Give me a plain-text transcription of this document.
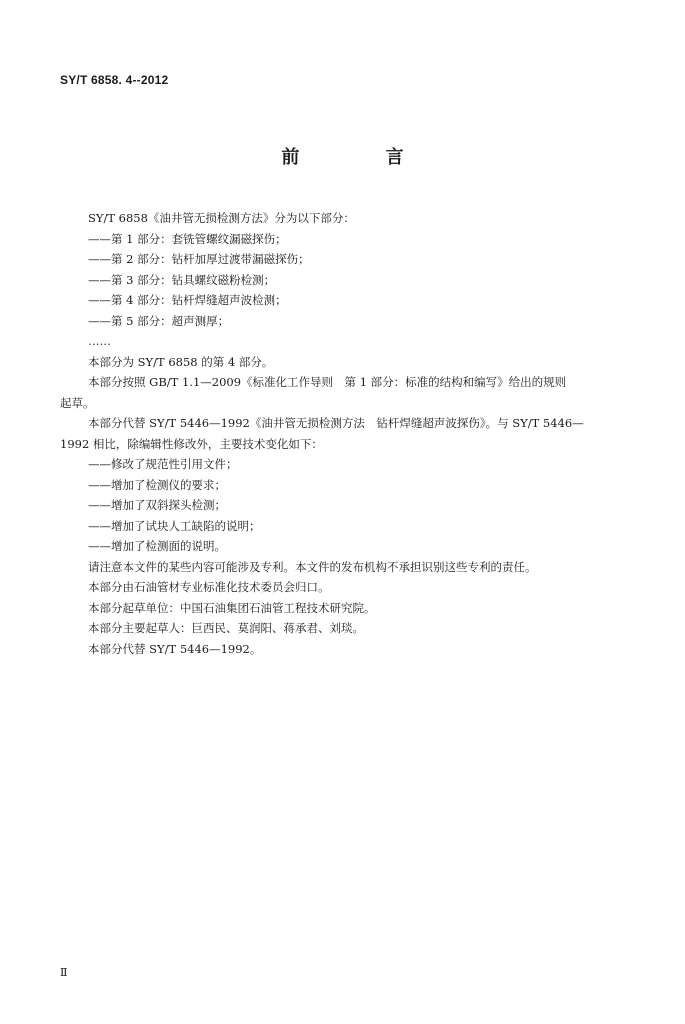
SY/T 6858. 4--2012
前 言
SY/T 6858《油井管无损检测方法》分为以下部分：
——第 1 部分：套铣管螺纹漏磁探伤；
——第 2 部分：钻杆加厚过渡带漏磁探伤；
——第 3 部分：钻具螺纹磁粉检测；
——第 4 部分：钻杆焊缝超声波检测；
——第 5 部分：超声测厚；
……
本部分为 SY/T 6858 的第 4 部分。
本部分按照 GB/T 1.1—2009《标准化工作导则　第 1 部分：标准的结构和编写》给出的规则
起草。
本部分代替 SY/T 5446—1992《油井管无损检测方法　钻杆焊缝超声波探伤》。与 SY/T 5446—
1992 相比，除编辑性修改外，主要技术变化如下：
——修改了规范性引用文件；
——增加了检测仪的要求；
——增加了双斜探头检测；
——增加了试块人工缺陷的说明；
——增加了检测面的说明。
请注意本文件的某些内容可能涉及专利。本文件的发布机构不承担识别这些专利的责任。
本部分由石油管材专业标准化技术委员会归口。
本部分起草单位：中国石油集团石油管工程技术研究院。
本部分主要起草人：巨西民、莫润阳、蒋承君、刘琰。
本部分代替 SY/T 5446—1992。
Ⅱ
